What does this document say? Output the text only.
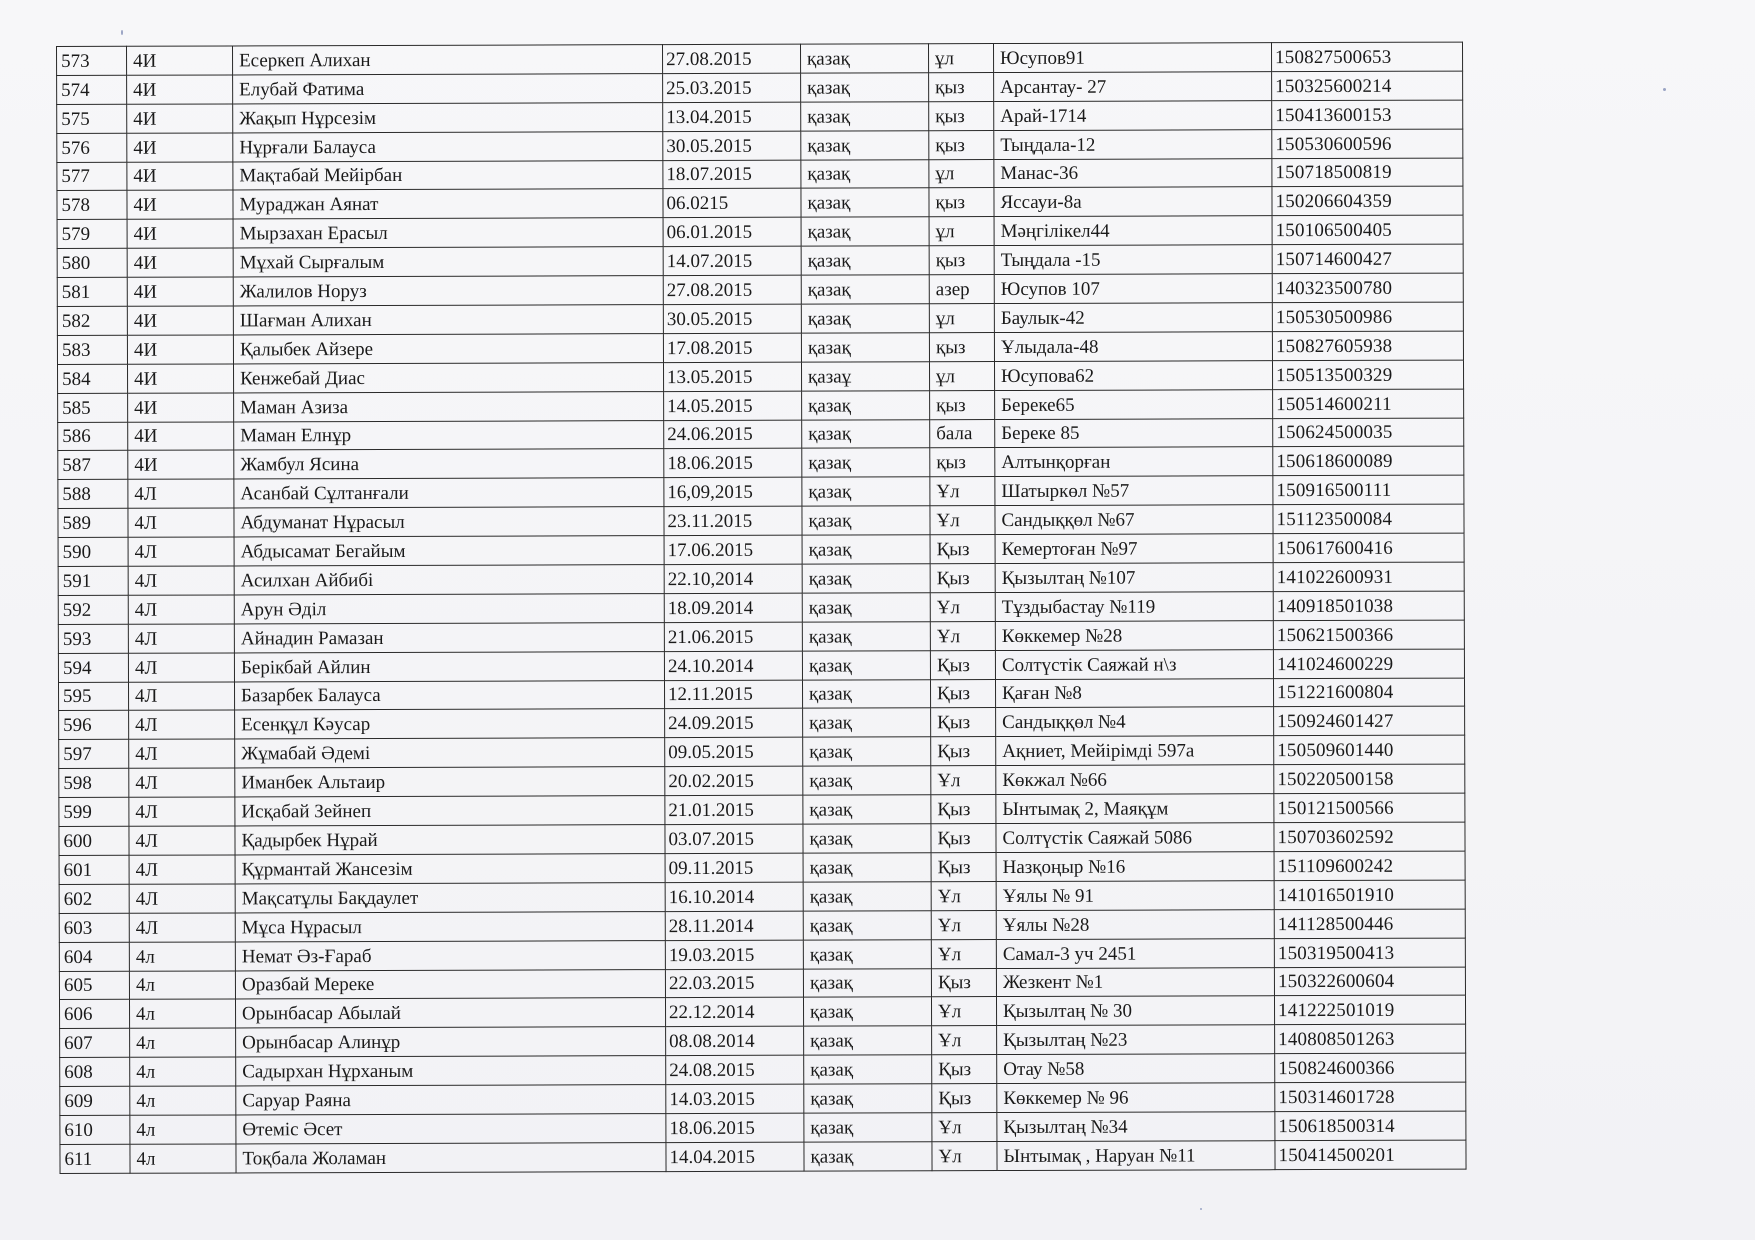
573	4И	Есеркеп Алихан	27.08.2015	қазақ	ұл	Юсупов91	150827500653
574	4И	Елубай Фатима	25.03.2015	қазақ	қыз	Арсантау- 27	150325600214
575	4И	Жақып Нұрсезім	13.04.2015	қазақ	қыз	Арай-1714	150413600153
576	4И	Нұрғали Балауса	30.05.2015	қазақ	қыз	Тыңдала-12	150530600596
577	4И	Мақтабай Мейірбан	18.07.2015	қазақ	ұл	Манас-36	150718500819
578	4И	Мураджан Аянат	06.0215	қазақ	қыз	Яссауи-8а	150206604359
579	4И	Мырзахан Ерасыл	06.01.2015	қазақ	ұл	Мәңгілікел44	150106500405
580	4И	Мұхай Сырғалым	14.07.2015	қазақ	қыз	Тыңдала -15	150714600427
581	4И	Жалилов Норуз	27.08.2015	қазақ	азер	Юсупов 107	140323500780
582	4И	Шағман Алихан	30.05.2015	қазақ	ұл	Баулык-42	150530500986
583	4И	Қалыбек Айзере	17.08.2015	қазақ	қыз	Ұлыдала-48	150827605938
584	4И	Кенжебай Диас	13.05.2015	қазаұ	ұл	Юсупова62	150513500329
585	4И	Маман Азиза	14.05.2015	қазақ	қыз	Береке65	150514600211
586	4И	Маман Елнұр	24.06.2015	қазақ	бала	Береке 85	150624500035
587	4И	Жамбул Ясина	18.06.2015	қазақ	қыз	Алтынқорған	150618600089
588	4Л	Асанбай Сұлтанғали	16,09,2015	қазақ	Ұл	Шатыркөл №57	150916500111
589	4Л	Абдуманат Нұрасыл	23.11.2015	қазақ	Ұл	Сандыққөл №67	151123500084
590	4Л	Абдысамат Бегайым	17.06.2015	қазақ	Қыз	Кемертоған №97	150617600416
591	4Л	Асилхан Айбибі	22.10,2014	қазақ	Қыз	Қызылтаң №107	141022600931
592	4Л	Арун Әділ	18.09.2014	қазақ	Ұл	Тұздыбастау №119	140918501038
593	4Л	Айнадин Рамазан	21.06.2015	қазақ	Ұл	Көккемер №28	150621500366
594	4Л	Берікбай Айлин	24.10.2014	қазақ	Қыз	Солтүстік Саяжай н\з	141024600229
595	4Л	Базарбек Балауса	12.11.2015	қазақ	Қыз	Қаған №8	151221600804
596	4Л	Есенқұл Кәусар	24.09.2015	қазақ	Қыз	Сандыққөл №4	150924601427
597	4Л	Жұмабай Әдемі	09.05.2015	қазақ	Қыз	Ақниет, Мейірімді 597а	150509601440
598	4Л	Иманбек Альтаир	20.02.2015	қазақ	Ұл	Көкжал №66	150220500158
599	4Л	Исқабай Зейнеп	21.01.2015	қазақ	Қыз	Ынтымақ 2, Маяқұм	150121500566
600	4Л	Қадырбек Нұрай	03.07.2015	қазақ	Қыз	Солтүстік Саяжай 5086	150703602592
601	4Л	Құрмантай Жансезім	09.11.2015	қазақ	Қыз	Назқоңыр №16	151109600242
602	4Л	Мақсатұлы Бақдаулет	16.10.2014	қазақ	Ұл	Ұялы № 91	141016501910
603	4Л	Мұса Нұрасыл	28.11.2014	қазақ	Ұл	Ұялы №28	141128500446
604	4л	Немат Әз-Ғараб	19.03.2015	қазақ	Ұл	Самал-3 уч 2451	150319500413
605	4л	Оразбай Мереке	22.03.2015	қазақ	Қыз	Жезкент №1	150322600604
606	4л	Орынбасар Абылай	22.12.2014	қазақ	Ұл	Қызылтаң № 30	141222501019
607	4л	Орынбасар Алинұр	08.08.2014	қазақ	Ұл	Қызылтаң №23	140808501263
608	4л	Садырхан Нұрханым	24.08.2015	қазақ	Қыз	Отау №58	150824600366
609	4л	Саруар Раяна	14.03.2015	қазақ	Қыз	Көккемер № 96	150314601728
610	4л	Өтеміс Әсет	18.06.2015	қазақ	Ұл	Қызылтаң №34	150618500314
611	4л	Тоқбала Жоламан	14.04.2015	қазақ	Ұл	Ынтымақ , Наруан №11	150414500201
